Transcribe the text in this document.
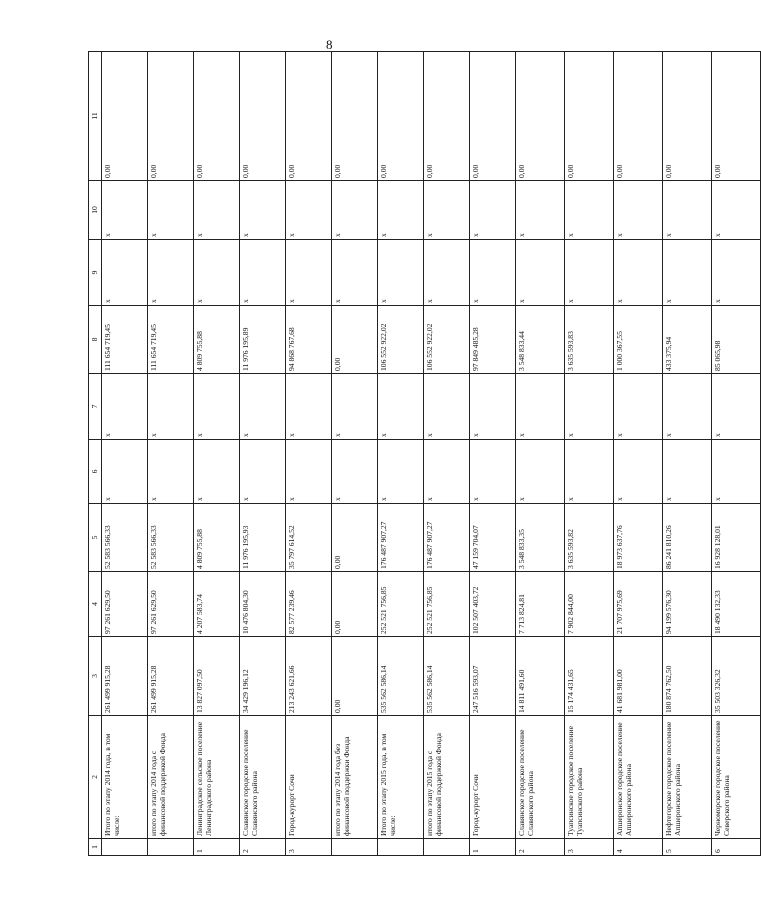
8
1	2	3	4	5	6	7	8	9	10	11
	Итого по этапу 2014 года, в том числе:	261 499 915,28	97 261 629,50	52 583 566,33	x	x	111 654 719,45	x	x	0,00
	итого по этапу 2014 года с финансовой поддержкой Фонда	261 499 915,28	97 261 629,50	52 583 566,33	x	x	111 654 719,45	x	x	0,00
1	Ленинградское сельское поселение Ленинградского района	13 827 097,50	4 207 583,74	4 809 755,88	x	x	4 809 755,88	x	x	0,00
2	Славянское городское поселение Славянского района	34 429 196,12	10 476 804,30	11 976 195,93	x	x	11 976 195,89	x	x	0,00
3	Город-курорт Сочи	213 243 621,66	82 577 239,46	35 797 614,52	x	x	94 868 767,68	x	x	0,00
	итого по этапу 2014 года без финансовой поддержки Фонда	0,00	0,00	0,00	x	x	0,00	x	x	0,00
	Итого по этапу 2015 года, в том числе:	535 562 586,14	252 521 756,85	176 487 907,27	x	x	106 552 922,02	x	x	0,00
	итого по этапу 2015 года с финансовой поддержкой Фонда	535 562 586,14	252 521 756,85	176 487 907,27	x	x	106 552 922,02	x	x	0,00
1	Город-курорт Сочи	247 516 593,07	102 507 403,72	47 159 704,07	x	x	97 849 485,28	x	x	0,00
2	Славянское городское поселение Славянского района	14 811 491,60	7 713 824,81	3 548 833,35	x	x	3 548 833,44	x	x	0,00
3	Туапсинское городское поселение Туапсинского района	15 174 431,65	7 902 844,00	3 635 593,82	x	x	3 635 593,83	x	x	0,00
4	Апшеронское городское поселение Апшеронского района	41 681 981,00	21 707 975,69	18 973 637,76	x	x	1 000 367,55	x	x	0,00
5	Нефтегорское городское поселение Апшеронского района	180 874 762,50	94 199 576,30	86 241 810,26	x	x	433 375,94	x	x	0,00
6	Черноморское городское поселение Северского района	35 503 326,32	18 490 132,33	16 928 128,01	x	x	85 065,98	x	x	0,00
